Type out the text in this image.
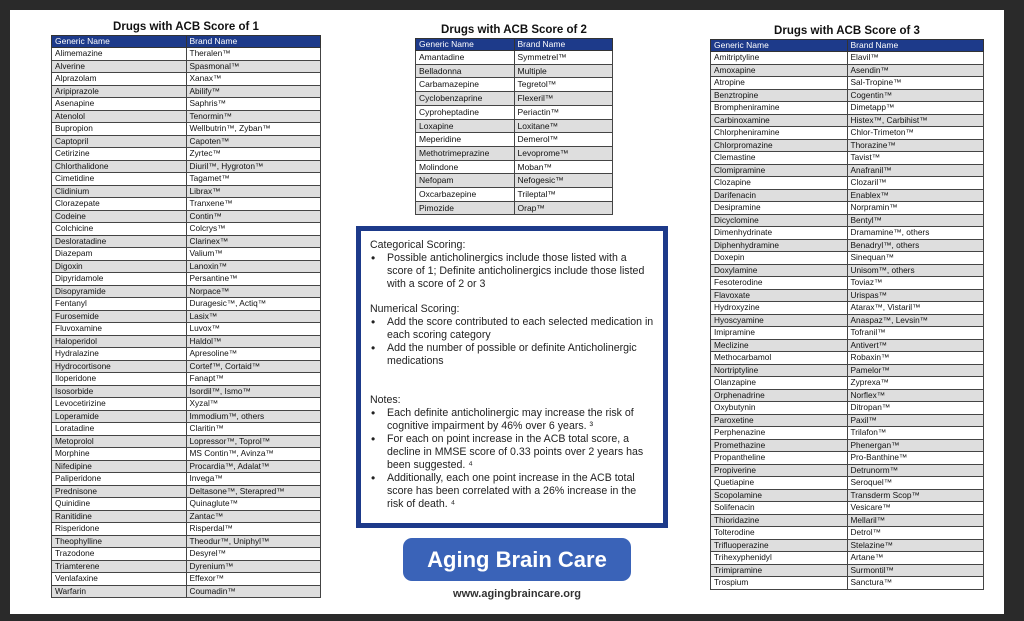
Drugs with ACB Score of 1
Generic Name	Brand Name
Alimemazine	Theralen™
Alverine	Spasmonal™
Alprazolam	Xanax™
Aripiprazole	Abilify™
Asenapine	Saphris™
Atenolol	Tenormin™
Bupropion	Wellbutrin™, Zyban™
Captopril	Capoten™
Cetirizine	Zyrtec™
Chlorthalidone	Diuril™, Hygroton™
Cimetidine	Tagamet™
Clidinium	Librax™
Clorazepate	Tranxene™
Codeine	Contin™
Colchicine	Colcrys™
Desloratadine	Clarinex™
Diazepam	Valium™
Digoxin	Lanoxin™
Dipyridamole	Persantine™
Disopyramide	Norpace™
Fentanyl	Duragesic™, Actiq™
Furosemide	Lasix™
Fluvoxamine	Luvox™
Haloperidol	Haldol™
Hydralazine	Apresoline™
Hydrocortisone	Cortef™, Cortaid™
Iloperidone	Fanapt™
Isosorbide	Isordil™, Ismo™
Levocetirizine	Xyzal™
Loperamide	Immodium™, others
Loratadine	Claritin™
Metoprolol	Lopressor™, Toprol™
Morphine	MS Contin™, Avinza™
Nifedipine	Procardia™, Adalat™
Paliperidone	Invega™
Prednisone	Deltasone™, Sterapred™
Quinidine	Quinaglute™
Ranitidine	Zantac™
Risperidone	Risperdal™
Theophylline	Theodur™, Uniphyl™
Trazodone	Desyrel™
Triamterene	Dyrenium™
Venlafaxine	Effexor™
Warfarin	Coumadin™
Drugs with ACB Score of 2
Generic Name	Brand Name
Amantadine	Symmetrel™
Belladonna	Multiple
Carbamazepine	Tegretol™
Cyclobenzaprine	Flexeril™
Cyproheptadine	Periactin™
Loxapine	Loxitane™
Meperidine	Demerol™
Methotrimeprazine	Levoprome™
Molindone	Moban™
Nefopam	Nefogesic™
Oxcarbazepine	Trileptal™
Pimozide	Orap™
Drugs with ACB Score of 3
Generic Name	Brand Name
Amitriptyline	Elavil™
Amoxapine	Asendin™
Atropine	Sal-Tropine™
Benztropine	Cogentin™
Brompheniramine	Dimetapp™
Carbinoxamine	Histex™, Carbihist™
Chlorpheniramine	Chlor-Trimeton™
Chlorpromazine	Thorazine™
Clemastine	Tavist™
Clomipramine	Anafranil™
Clozapine	Clozaril™
Darifenacin	Enablex™
Desipramine	Norpramin™
Dicyclomine	Bentyl™
Dimenhydrinate	Dramamine™, others
Diphenhydramine	Benadryl™, others
Doxepin	Sinequan™
Doxylamine	Unisom™, others
Fesoterodine	Toviaz™
Flavoxate	Urispas™
Hydroxyzine	Atarax™, Vistaril™
Hyoscyamine	Anaspaz™, Levsin™
Imipramine	Tofranil™
Meclizine	Antivert™
Methocarbamol	Robaxin™
Nortriptyline	Pamelor™
Olanzapine	Zyprexa™
Orphenadrine	Norflex™
Oxybutynin	Ditropan™
Paroxetine	Paxil™
Perphenazine	Trilafon™
Promethazine	Phenergan™
Propantheline	Pro-Banthine™
Propiverine	Detrunorm™
Quetiapine	Seroquel™
Scopolamine	Transderm Scop™
Solifenacin	Vesicare™
Thioridazine	Mellaril™
Tolterodine	Detrol™
Trifluoperazine	Stelazine™
Trihexyphenidyl	Artane™
Trimipramine	Surmontil™
Trospium	Sanctura™
Categorical Scoring:
• Possible anticholinergics include those listed with a score of 1; Definite anticholinergics include those listed with a score of 2 or 3
Numerical Scoring:
• Add the score contributed to each selected medication in each scoring category
• Add the number of possible or definite Anticholinergic medications
Notes:
• Each definite anticholinergic may increase the risk of cognitive impairment by 46% over 6 years. ³
• For each on point increase in the ACB total score, a decline in MMSE score of 0.33 points over 2 years has been suggested. ⁴
• Additionally, each one point increase in the ACB total score has been correlated with a 26% increase in the risk of death. ⁴
Aging Brain Care
www.agingbraincare.org
